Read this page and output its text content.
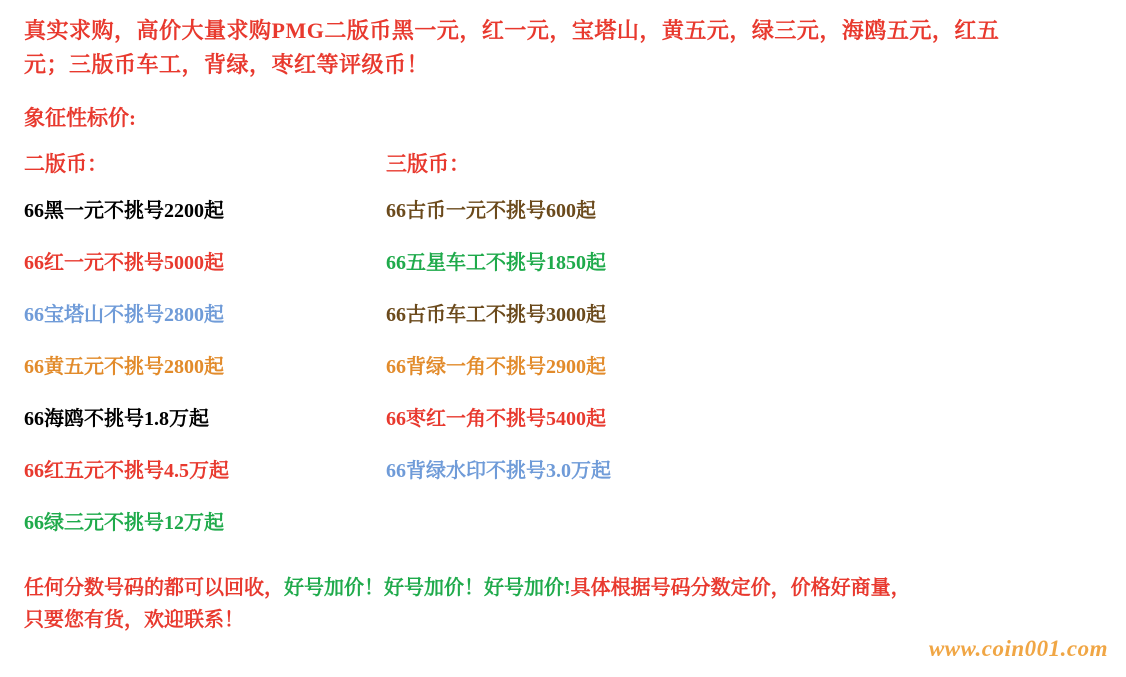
真实求购，高价大量求购PMG二版币黑一元，红一元，宝塔山，黄五元，绿三元，海鸥五元，红五
元；三版币车工，背绿，枣红等评级币！
象征性标价:
二版币：
66黑一元不挑号2200起
66红一元不挑号5000起
66宝塔山不挑号2800起
66黄五元不挑号2800起
66海鸥不挑号1.8万起
66红五元不挑号4.5万起
66绿三元不挑号12万起
三版币：
66古币一元不挑号600起
66五星车工不挑号1850起
66古币车工不挑号3000起
66背绿一角不挑号2900起
66枣红一角不挑号5400起
66背绿水印不挑号3.0万起
任何分数号码的都可以回收，好号加价！好号加价！好号加价!具体根据号码分数定价，价格好商量，
只要您有货，欢迎联系！
www.coin001.com
